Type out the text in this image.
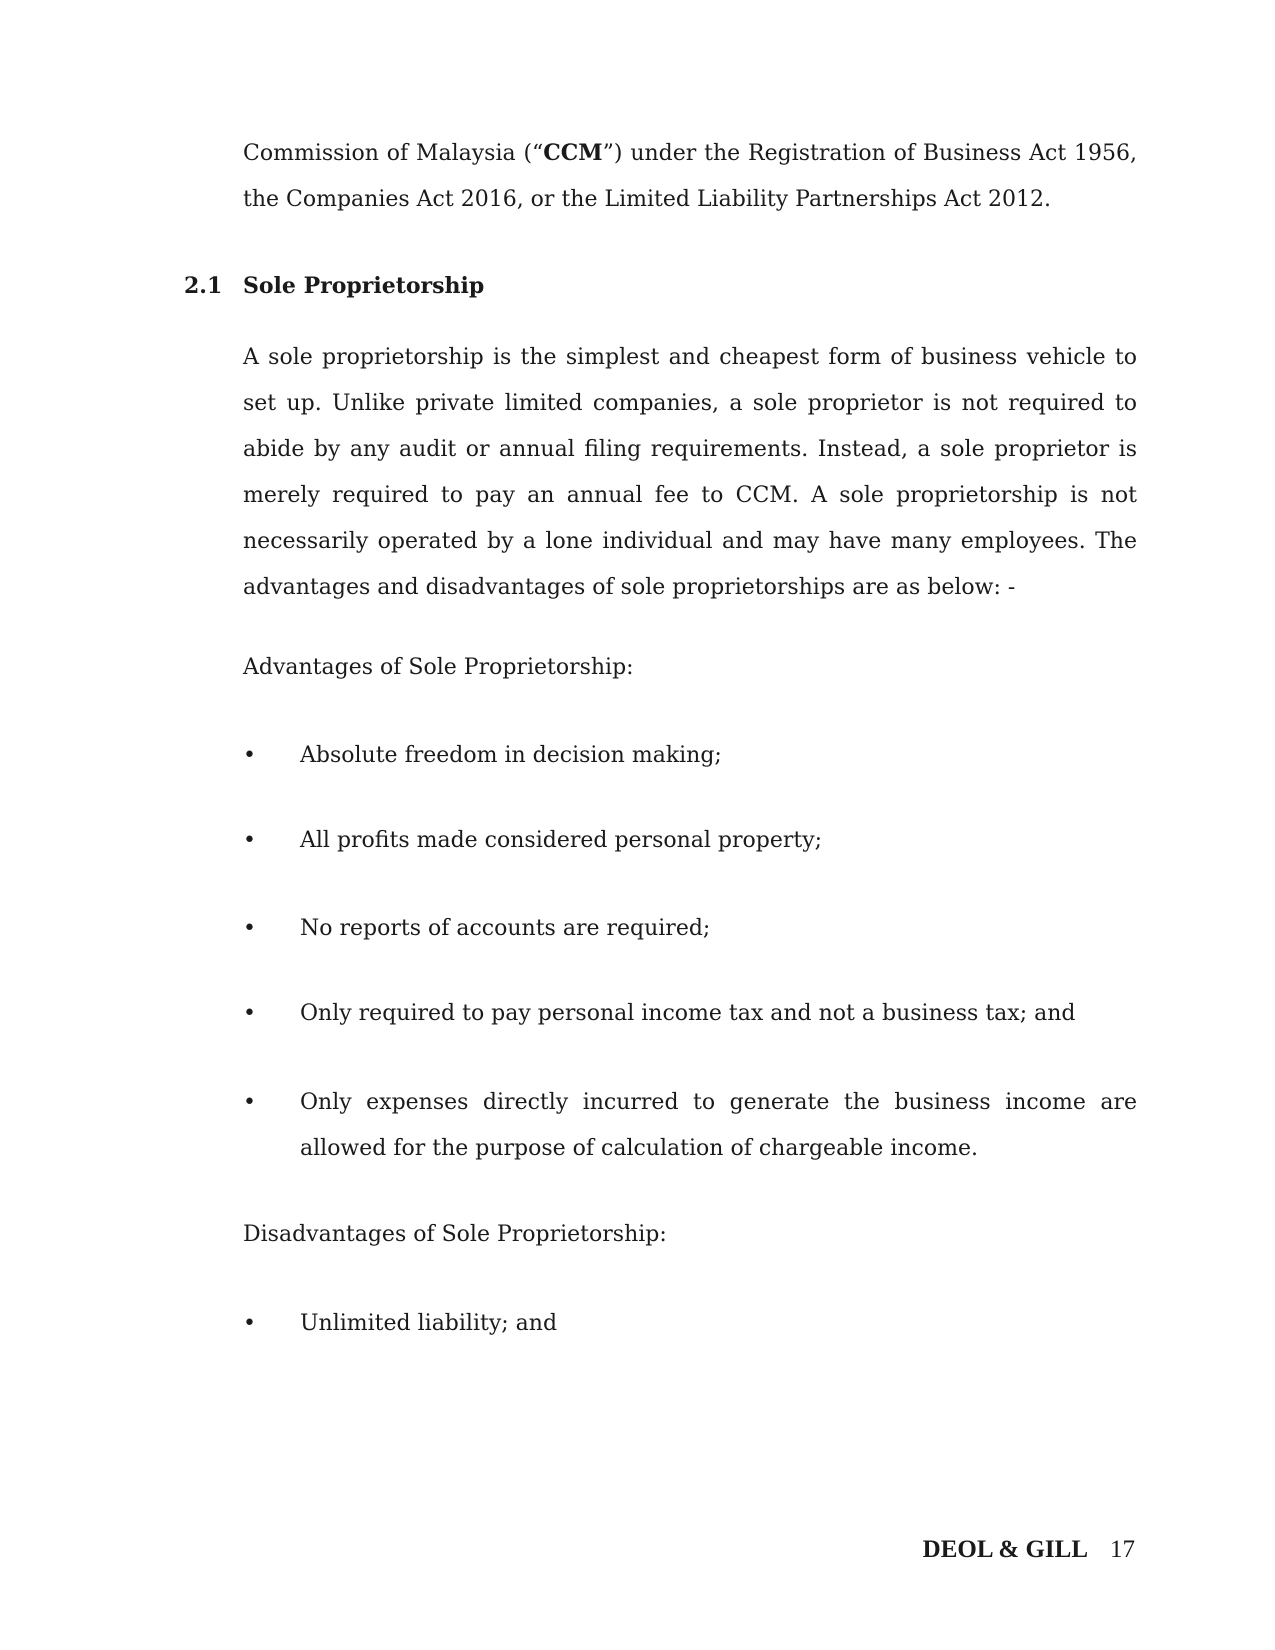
Commission of Malaysia (“CCM”) under the Registration of Business Act 1956, the Companies Act 2016, or the Limited Liability Partnerships Act 2012.

2.1 Sole Proprietorship

A sole proprietorship is the simplest and cheapest form of business vehicle to set up. Unlike private limited companies, a sole proprietor is not required to abide by any audit or annual filing requirements. Instead, a sole proprietor is merely required to pay an annual fee to CCM. A sole proprietorship is not necessarily operated by a lone individual and may have many employees. The advantages and disadvantages of sole proprietorships are as below: -

Advantages of Sole Proprietorship:
• Absolute freedom in decision making;
• All profits made considered personal property;
• No reports of accounts are required;
• Only required to pay personal income tax and not a business tax; and
• Only expenses directly incurred to generate the business income are allowed for the purpose of calculation of chargeable income.
Disadvantages of Sole Proprietorship:
• Unlimited liability; and
DEOL & GILL 17
